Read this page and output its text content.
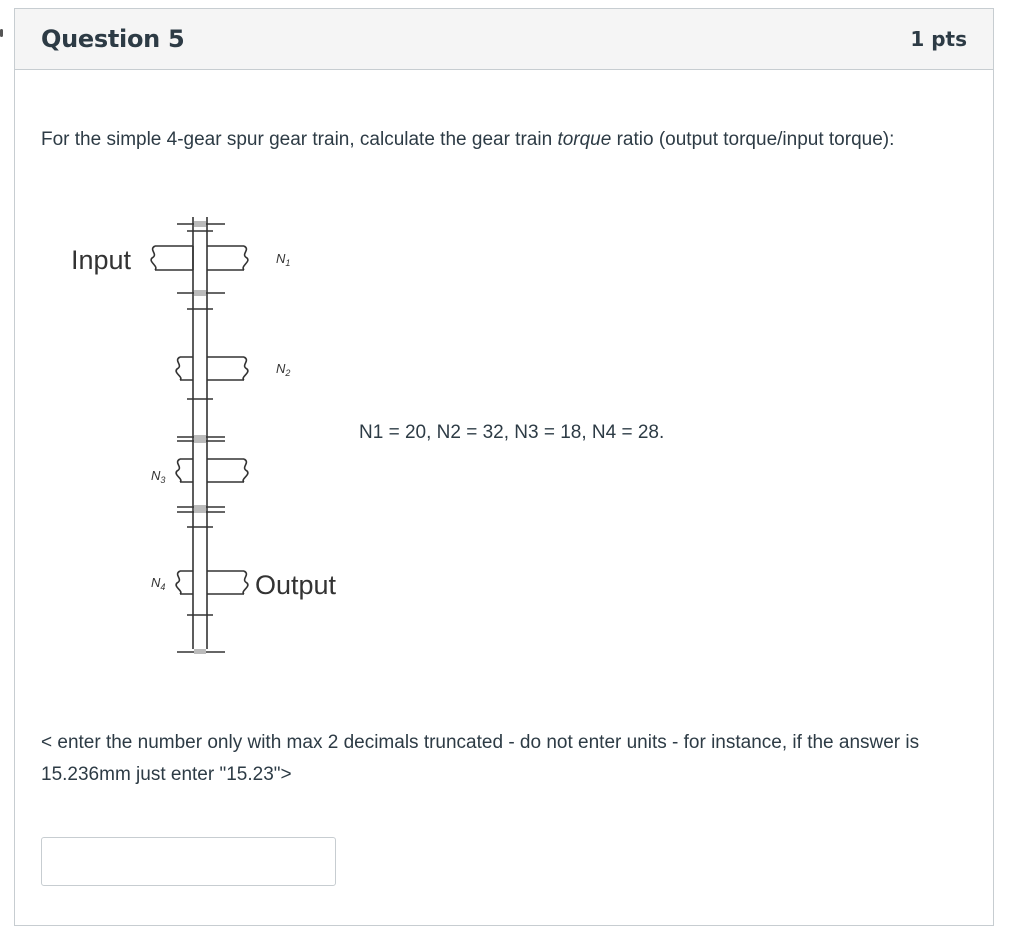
Question 5	1 pts
For the simple 4-gear spur gear train, calculate the gear train torque ratio (output torque/input torque):
Input
Output
$N_1$
$N_2$
$N_3$
$N_4$
N1 = 20, N2 = 32, N3 = 18, N4 = 28.
< enter the number only with max 2 decimals truncated - do not enter units - for instance, if the answer is 15.236mm just enter "15.23">
